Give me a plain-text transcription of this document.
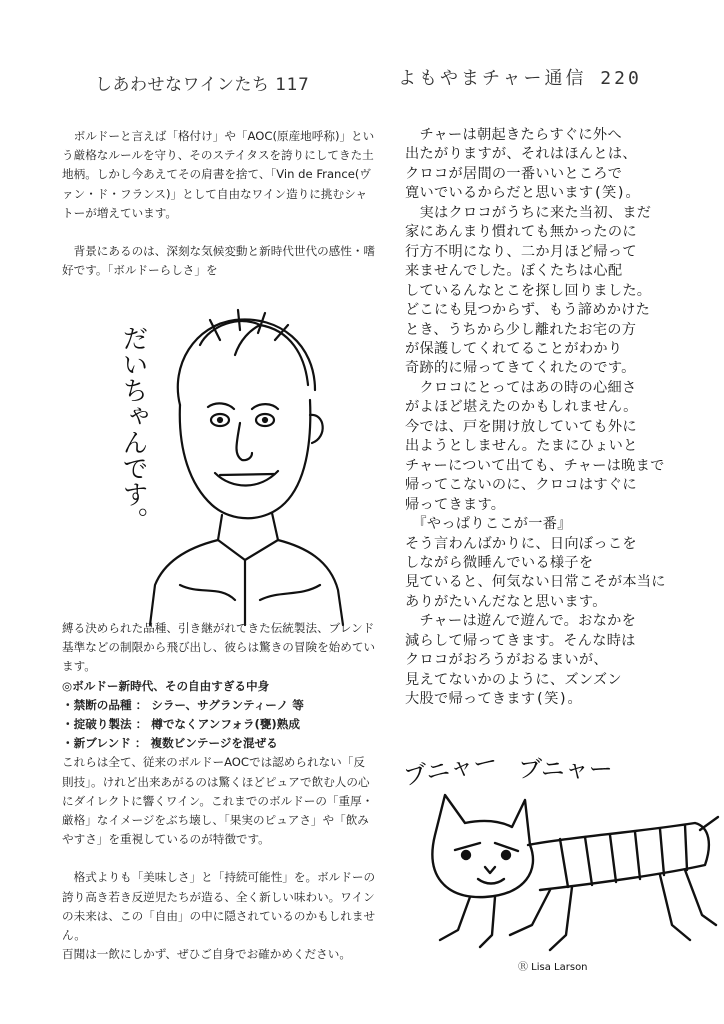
しあわせなワインたち 117

　ボルドーと言えば「格付け」や「AOC(原産地呼称)」という厳格なルールを守り、そのステイタスを誇りにしてきた土地柄。しかし今あえてその肩書を捨て、「Vin de France(ヴァン・ド・フランス)」として自由なワイン造りに挑むシャトーが増えています。

　背景にあるのは、深刻な気候変動と新時代世代の感性・嗜好です。「ボルドーらしさ」を

だいちゃんです。

縛る決められた品種、引き継がれてきた伝統製法、ブレンド基準などの制限から飛び出し、彼らは驚きの冒険を始めています。

◎ボルドー新時代、その自由すぎる中身

・禁断の品種 ： シラー、サグランティーノ 等
・掟破り製法 ： 樽でなくアンフォラ(甕)熟成
・新ブレンド ： 複数ビンテージを混ぜる

これらは全て、従来のボルドーAOCでは認められない「反則技」。けれど出来あがるのは驚くほどピュアで飲む人の心にダイレクトに響くワイン。これまでのボルドーの「重厚・厳格」なイメージをぶち壊し、「果実のピュアさ」や「飲みやすさ」を重視しているのが特徴です。

　格式よりも「美味しさ」と「持続可能性」を。ボルドーの誇り高き若き反逆児たちが造る、全く新しい味わい。ワインの未来は、この「自由」の中に隠されているのかもしれません。

百聞は一飲にしかず、ぜひご自身でお確かめください。

よもやまチャー通信 220
　チャーは朝起きたらすぐに外へ
出たがりますが、それはほんとは、
クロコが居間の一番いいところで
寛いでいるからだと思います(笑)。
　実はクロコがうちに来た当初、まだ
家にあんまり慣れても無かったのに
行方不明になり、二か月ほど帰って
来ませんでした。ぼくたちは心配
しているんなとこを探し回りました。
どこにも見つからず、もう諦めかけた
とき、うちから少し離れたお宅の方
が保護してくれてることがわかり
奇跡的に帰ってきてくれたのです。
　クロコにとってはあの時の心細さ
がよほど堪えたのかもしれません。
今では、戸を開け放していても外に
出ようとしません。たまにひょいと
チャーについて出ても、チャーは晩まで
帰ってこないのに、クロコはすぐに
帰ってきます。
　『やっぱりここが一番』
そう言わんばかりに、日向ぼっこを
しながら微睡んでいる様子を
見ていると、何気ない日常こそが本当に
ありがたいんだなと思います。
　チャーは遊んで遊んで。おなかを
減らして帰ってきます。そんな時は
クロコがおろうがおるまいが、
見えてないかのように、ズンズン
大股で帰ってきます(笑)。
ブニャー ブニャー
Ⓡ Lisa Larson
